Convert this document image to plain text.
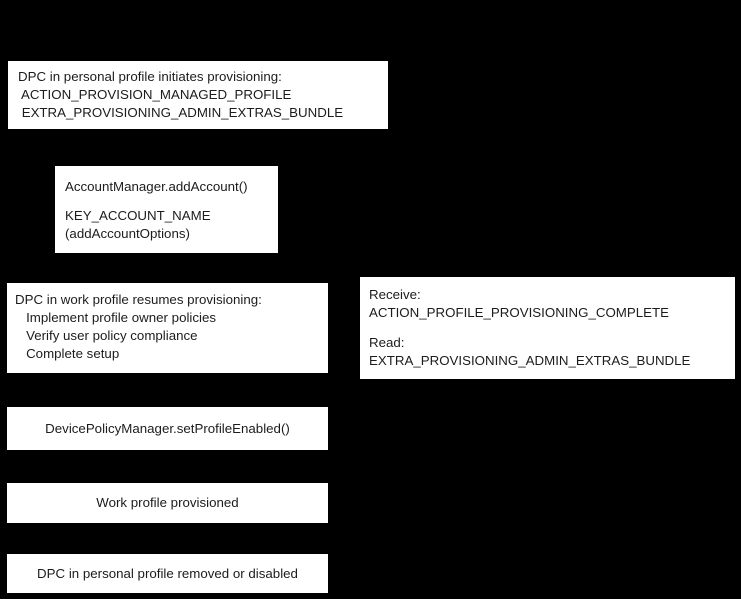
DPC in personal profile initiates provisioning:
ACTION_PROVISION_MANAGED_PROFILE
EXTRA_PROVISIONING_ADMIN_EXTRAS_BUNDLE
AccountManager.addAccount()
KEY_ACCOUNT_NAME
(addAccountOptions)
DPC in work profile resumes provisioning:
Implement profile owner policies
Verify user policy compliance
Complete setup
Receive:
ACTION_PROFILE_PROVISIONING_COMPLETE
Read:
EXTRA_PROVISIONING_ADMIN_EXTRAS_BUNDLE
DevicePolicyManager.setProfileEnabled()
Work profile provisioned
DPC in personal profile removed or disabled
